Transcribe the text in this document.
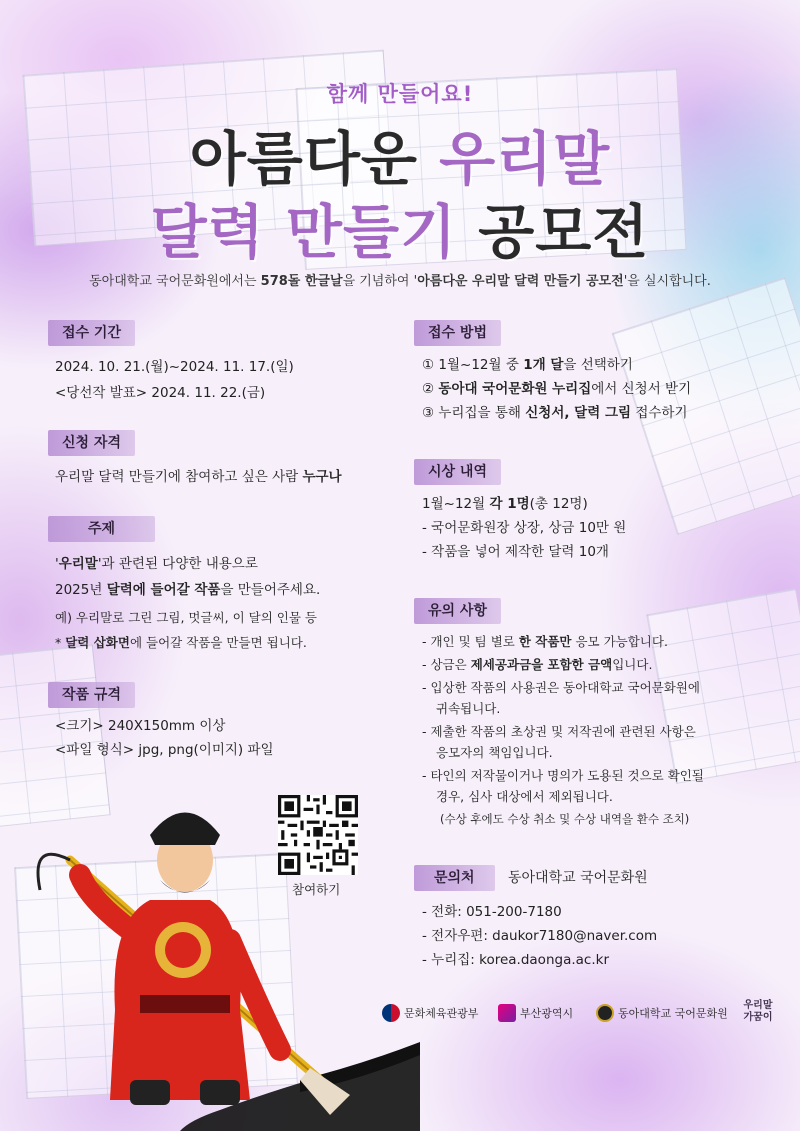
함께 만들어요!
아름다운 우리말
달력 만들기 공모전
동아대학교 국어문화원에서는 578돌 한글날을 기념하여 '아름다운 우리말 달력 만들기 공모전'을 실시합니다.
접수 기간
2024. 10. 21.(월)~2024. 11. 17.(일)
<당선작 발표> 2024. 11. 22.(금)
신청 자격
우리말 달력 만들기에 참여하고 싶은 사람 누구나
주제
'우리말'과 관련된 다양한 내용으로
2025년 달력에 들어갈 작품을 만들어주세요.
예) 우리말로 그린 그림, 멋글씨, 이 달의 인물 등
* 달력 삽화면에 들어갈 작품을 만들면 됩니다.
작품 규격
<크기> 240X150mm 이상
<파일 형식> jpg, png(이미지) 파일
참여하기
접수 방법
① 1월~12월 중 1개 달을 선택하기
② 동아대 국어문화원 누리집에서 신청서 받기
③ 누리집을 통해 신청서, 달력 그림 접수하기
시상 내역
1월~12월 각 1명(총 12명)
- 국어문화원장 상장, 상금 10만 원
- 작품을 넣어 제작한 달력 10개
유의 사항
- 개인 및 팀 별로 한 작품만 응모 가능합니다.
- 상금은 제세공과금을 포함한 금액입니다.
- 입상한 작품의 사용권은 동아대학교 국어문화원에
귀속됩니다.
- 제출한 작품의 초상권 및 저작권에 관련된 사항은
응모자의 책임입니다.
- 타인의 저작물이거나 명의가 도용된 것으로 확인될
경우, 심사 대상에서 제외됩니다.
(수상 후에도 수상 취소 및 수상 내역을 환수 조치)
문의처	동아대학교 국어문화원
- 전화: 051-200-7180
- 전자우편: daukor7180@naver.com
- 누리집: korea.daonga.ac.kr
문화체육관광부	부산광역시	동아대학교 국어문화원
우리말
가꿈이
